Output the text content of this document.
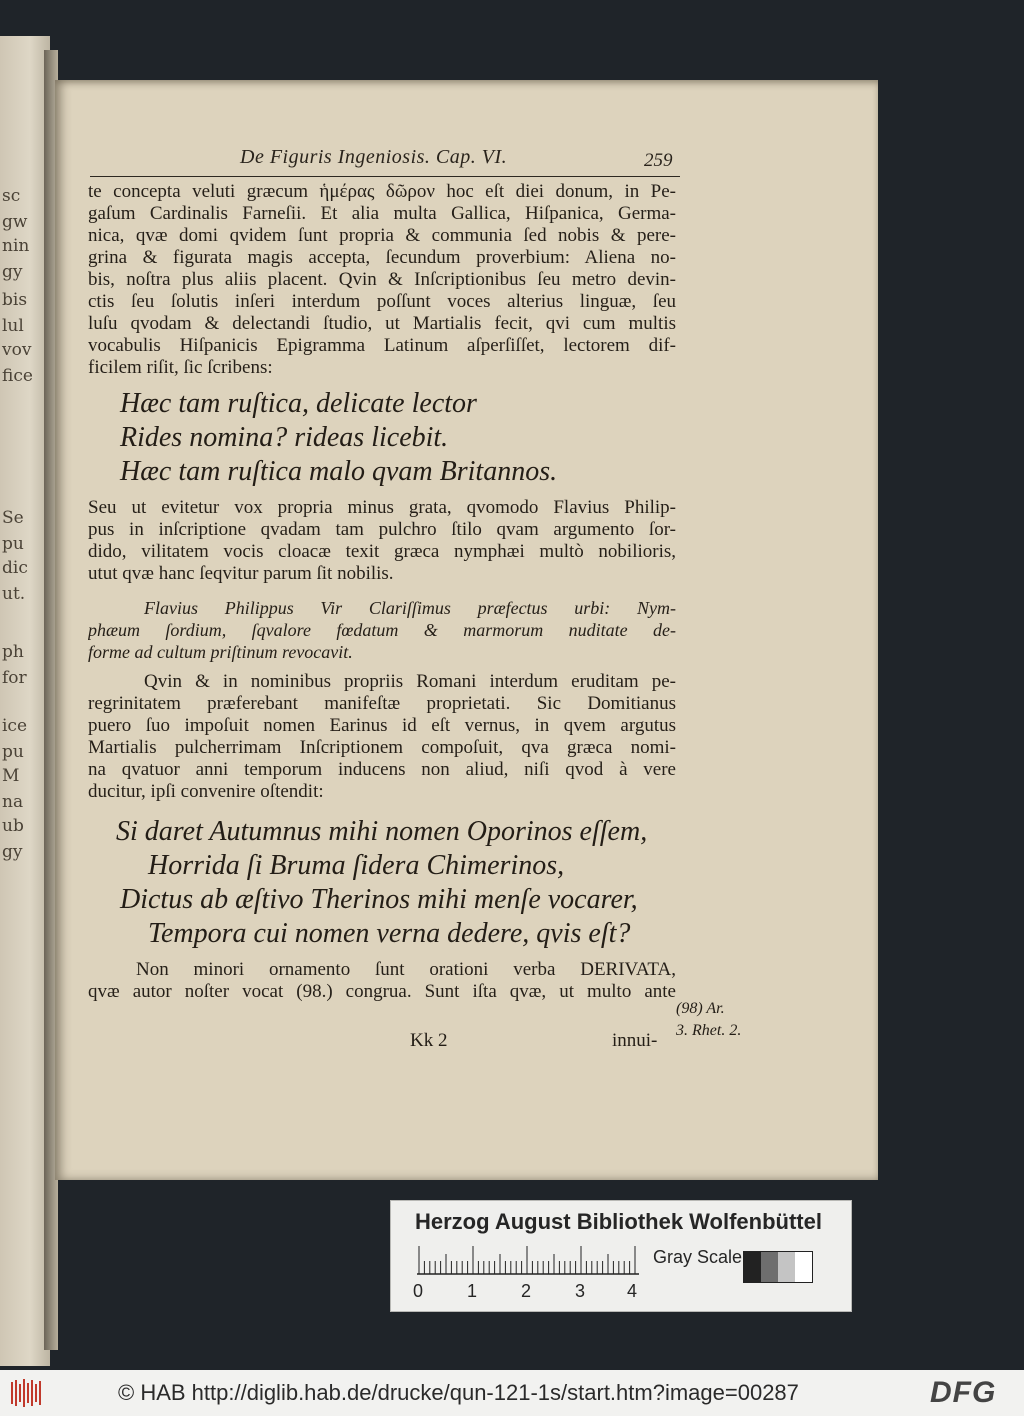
sc
gw
nin
gy
bis
lul
vov
fice
Se
pu
dic
ut.
ph
for
ice
pu
M
na
ub
gy
De Figuris Ingeniosis. Cap. VI.	259
te concepta veluti græcum ἡμέρας δῶρον hoc eſt diei donum, in Pe-
gaſum Cardinalis Farneſii. Et alia multa Gallica, Hiſpanica, Germa-
nica, qvæ domi qvidem ſunt propria & communia ſed nobis & pere-
grina & figurata magis accepta, ſecundum proverbium: Aliena no-
bis, noſtra plus aliis placent. Qvin & Inſcriptionibus ſeu metro devin-
ctis ſeu ſolutis inſeri interdum poſſunt voces alterius linguæ, ſeu
luſu qvodam & delectandi ſtudio, ut Martialis fecit, qvi cum multis
vocabulis Hiſpanicis Epigramma Latinum aſperſiſſet, lectorem dif-
ficilem riſit, ſic ſcribens:
Hæc tam ruſtica, delicate lector
Rides nomina? rideas licebit.
Hæc tam ruſtica malo qvam Britannos.
Seu ut evitetur vox propria minus grata, qvomodo Flavius Philip-
pus in inſcriptione qvadam tam pulchro ſtilo qvam argumento ſor-
dido, vilitatem vocis cloacæ texit græca nymphæi multò nobilioris,
utut qvæ hanc ſeqvitur parum ſit nobilis.
Flavius Philippus Vir Clariſſimus præfectus urbi: Nym-
phæum ſordium, ſqvalore fœdatum & marmorum nuditate de-
forme ad cultum priſtinum revocavit.
Qvin & in nominibus propriis Romani interdum eruditam pe-
regrinitatem præferebant manifeſtæ proprietati. Sic Domitianus
puero ſuo impoſuit nomen Earinus id eſt vernus, in qvem argutus
Martialis pulcherrimam Inſcriptionem compoſuit, qva græca nomi-
na qvatuor anni temporum inducens non aliud, niſi qvod à vere
ducitur, ipſi convenire oſtendit:
Si daret Autumnus mihi nomen Oporinos eſſem,
Horrida ſi Bruma ſidera Chimerinos,
Dictus ab æſtivo Therinos mihi menſe vocarer,
Tempora cui nomen verna dedere, qvis eſt?
Non minori ornamento ſunt orationi verba DERIVATA,
qvæ autor noſter vocat (98.) congrua. Sunt iſta qvæ, ut multo ante
(98) Ar.
3. Rhet. 2.
Kk 2	innui-
Herzog August Bibliothek Wolfenbüttel
0 1 2 3 4
Gray Scale
© HAB http://diglib.hab.de/drucke/qun-121-1s/start.htm?image=00287	DFG
